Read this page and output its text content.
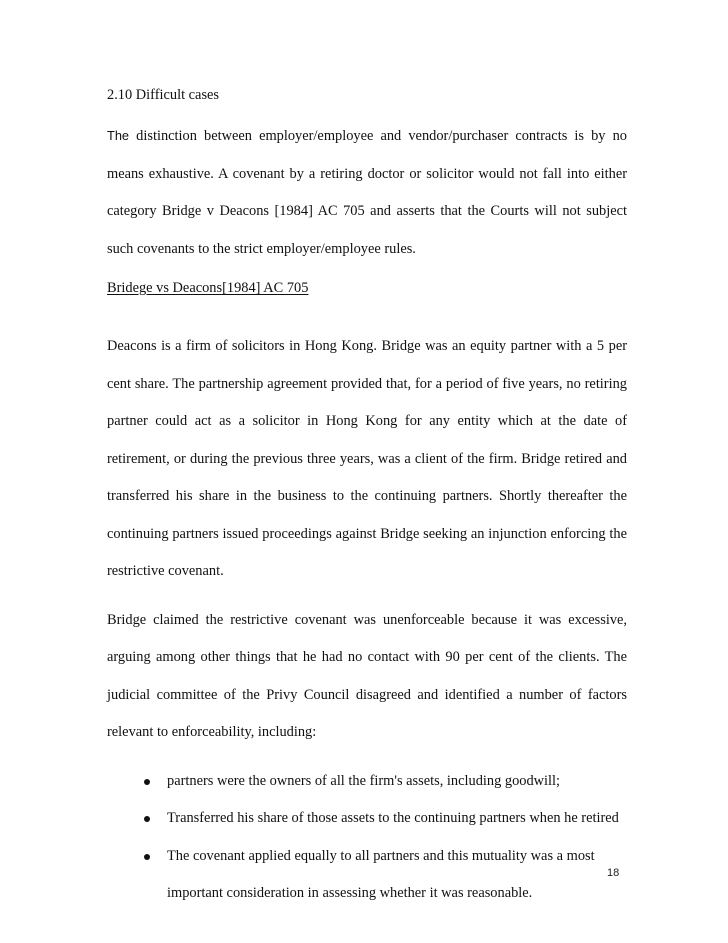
2.10 Difficult cases

The distinction between employer/employee and vendor/purchaser contracts is by no means exhaustive. A covenant by a retiring doctor or solicitor would not fall into either category Bridge v Deacons [1984] AC 705 and asserts that the Courts will not subject such covenants to the strict employer/employee rules.

Bridege vs Deacons[1984] AC 705

Deacons is a firm of solicitors in Hong Kong. Bridge was an equity partner with a 5 per cent share. The partnership agreement provided that, for a period of five years, no retiring partner could act as a solicitor in Hong Kong for any entity which at the date of retirement, or during the previous three years, was a client of the firm. Bridge retired and transferred his share in the business to the continuing partners. Shortly thereafter the continuing partners issued proceedings against Bridge seeking an injunction enforcing the restrictive covenant.

Bridge claimed the restrictive covenant was unenforceable because it was excessive, arguing among other things that he had no contact with 90 per cent of the clients. The judicial committee of the Privy Council disagreed and identified a number of factors relevant to enforceability, including:

partners were the owners of all the firm's assets, including goodwill;
Transferred his share of those assets to the continuing partners when he retired
The covenant applied equally to all partners and this mutuality was a most important consideration in assessing whether it was reasonable.
18
